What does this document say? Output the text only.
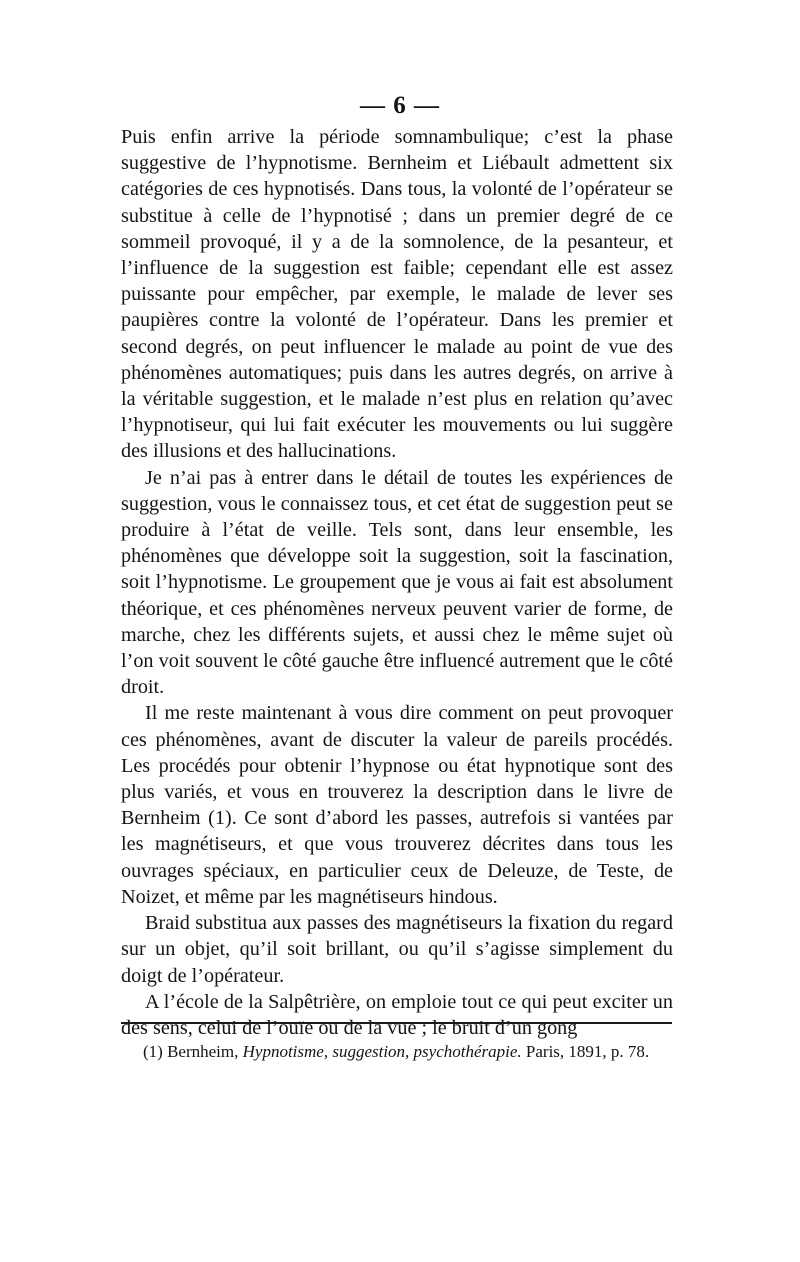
— 6 —

Puis enfin arrive la période somnambulique; c’est la phase suggestive de l’hypnotisme. Bernheim et Liébault admettent six catégories de ces hypnotisés. Dans tous, la volonté de l’opérateur se substitue à celle de l’hypnotisé ; dans un premier degré de ce sommeil provoqué, il y a de la somnolence, de la pesanteur, et l’influence de la suggestion est faible; cependant elle est assez puissante pour empêcher, par exemple, le malade de lever ses paupières contre la volonté de l’opérateur. Dans les premier et second degrés, on peut influencer le malade au point de vue des phénomènes automatiques; puis dans les autres degrés, on arrive à la véritable suggestion, et le malade n’est plus en relation qu’avec l’hypnotiseur, qui lui fait exécuter les mouvements ou lui suggère des illusions et des hallucinations.

Je n’ai pas à entrer dans le détail de toutes les expériences de suggestion, vous le connaissez tous, et cet état de suggestion peut se produire à l’état de veille. Tels sont, dans leur ensemble, les phénomènes que développe soit la suggestion, soit la fascination, soit l’hypnotisme. Le groupement que je vous ai fait est absolument théorique, et ces phénomènes nerveux peuvent varier de forme, de marche, chez les différents sujets, et aussi chez le même sujet où l’on voit souvent le côté gauche être influencé autrement que le côté droit.

Il me reste maintenant à vous dire comment on peut provoquer ces phénomènes, avant de discuter la valeur de pareils procédés. Les procédés pour obtenir l’hypnose ou état hypnotique sont des plus variés, et vous en trouverez la description dans le livre de Bernheim (1). Ce sont d’abord les passes, autrefois si vantées par les magnétiseurs, et que vous trouverez décrites dans tous les ouvrages spéciaux, en particulier ceux de Deleuze, de Teste, de Noizet, et même par les magnétiseurs hindous.

Braid substitua aux passes des magnétiseurs la fixation du regard sur un objet, qu’il soit brillant, ou qu’il s’agisse simplement du doigt de l’opérateur.

A l’école de la Salpêtrière, on emploie tout ce qui peut exciter un des sens, celui de l’ouïe ou de la vue ; le bruit d’un gong

(1) Bernheim, Hypnotisme, suggestion, psychothérapie. Paris, 1891, p. 78.
